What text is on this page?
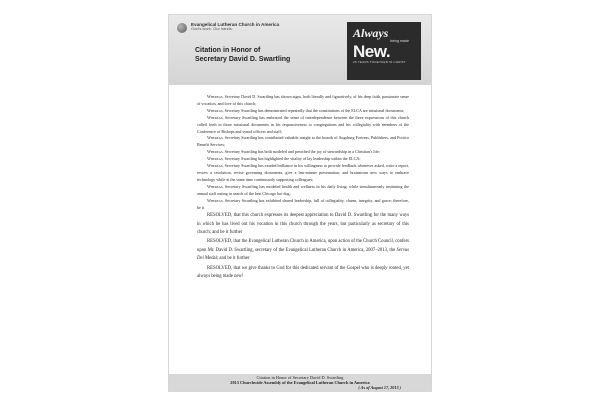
Evangelical Lutheran Church in America
God's work. Our hands.
Citation in Honor of
Secretary David D. Swartling
Always
being made
New.
25 YEARS TOGETHER IN CHRIST

Whereas, Secretary David D. Swartling has shown signs, both literally and figuratively, of his deep faith, passionate sense of vocation, and love of this church;

Whereas, Secretary Swartling has demonstrated repeatedly that the constitutions of the ELCA are missional documents;

Whereas, Secretary Swartling has embraced the sense of interdependence between the three expressions of this church called forth in those missional documents in his responsiveness to congregations and his collegiality with members of the Conference of Bishops and synod officers and staff;

Whereas, Secretary Swartling has contributed valuable insight to the boards of Augsburg Fortress, Publishers, and Portico Benefit Services;

Whereas, Secretary Swartling has both modeled and preached the joy of stewardship in a Christian's life;

Whereas, Secretary Swartling has highlighted the vitality of lay leadership within the ELCA;

Whereas, Secretary Swartling has exuded brilliance in his willingness to provide feedback whenever asked, write a report, review a resolution, revise governing documents, give a last-minute presentation, and brainstorm new ways to embrace technology while at the same time continuously supporting colleagues;

Whereas, Secretary Swartling has modeled health and wellness in his daily living, while simultaneously instituting the annual staff outing in search of the best Chicago hot dog;

Whereas, Secretary Swartling has exhibited shared leadership, full of collegiality, charm, integrity, and grace; therefore, be it

RESOLVED, that this church expresses its deepest appreciation to David D. Swartling for the many ways in which he has lived out his vocation in this church through the years, but particularly as secretary of this church; and be it further

RESOLVED, that the Evangelical Lutheran Church in America, upon action of the Church Council, confers upon Mr. David D. Swartling, secretary of the Evangelical Lutheran Church in America, 2007–2013, the Servus Dei Medal; and be it further

RESOLVED, that we give thanks to God for this dedicated servant of the Gospel who is deeply rooted, yet always being made new!

Citation in Honor of Secretary David D. Swartling
2013 Churchwide Assembly of the Evangelical Lutheran Church in America
( As of August 17, 2013 )
